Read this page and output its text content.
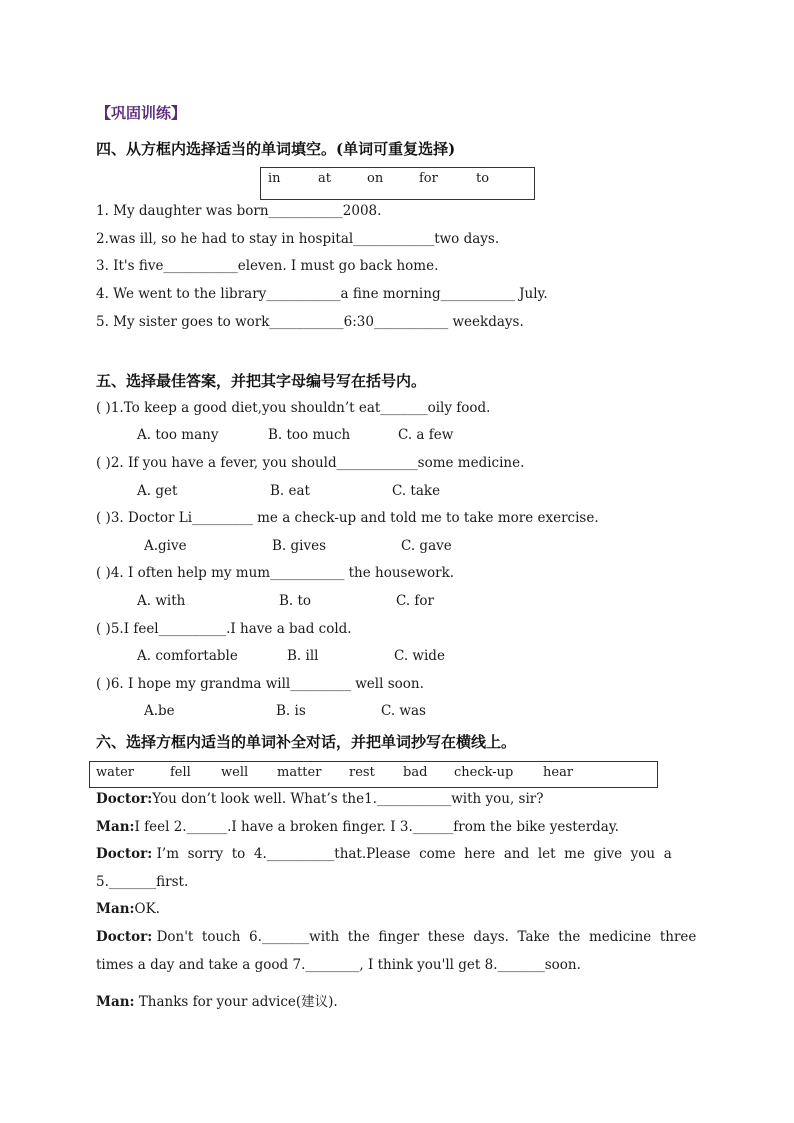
【巩固训练】
四、从方框内选择适当的单词填空。(单词可重复选择)
in	at	on	for	to
1. My daughter was born___________2008.
2.was ill, so he had to stay in hospital____________two days.
3. It's five___________eleven. I must go back home.
4. We went to the library___________a fine morning___________ July.
5. My sister goes to work___________6:30___________ weekdays.
五、选择最佳答案，并把其字母编号写在括号内。
( )1.To keep a good diet,you shouldn’t eat_______oily food.
A. too many	B. too much	C. a few
( )2. If you have a fever, you should____________some medicine.
A. get	B. eat	C. take
( )3. Doctor Li_________ me a check-up and told me to take more exercise.
A.give	B. gives	C. gave
( )4. I often help my mum___________ the housework.
A. with	B. to	C. for
( )5.I feel__________.I have a bad cold.
A. comfortable	B. ill	C. wide
( )6. I hope my grandma will_________ well soon.
A.be	B. is	C. was
六、选择方框内适当的单词补全对话，并把单词抄写在横线上。
water	fell well matter rest bad check-up hear
Doctor:You don’t look well. What’s the1.___________with you, sir?
Man:I feel 2.______.I have a broken finger. I 3.______from the bike yesterday.
Doctor: I’m  sorry  to  4.__________that.Please  come  here  and  let  me  give  you  a
5._______first.
Man:OK.
Doctor: Don't  touch  6._______with  the  finger  these  days.  Take  the  medicine  three
times a day and take a good 7.________, I think you'll get 8._______soon.
Man: Thanks for your advice(建议).
